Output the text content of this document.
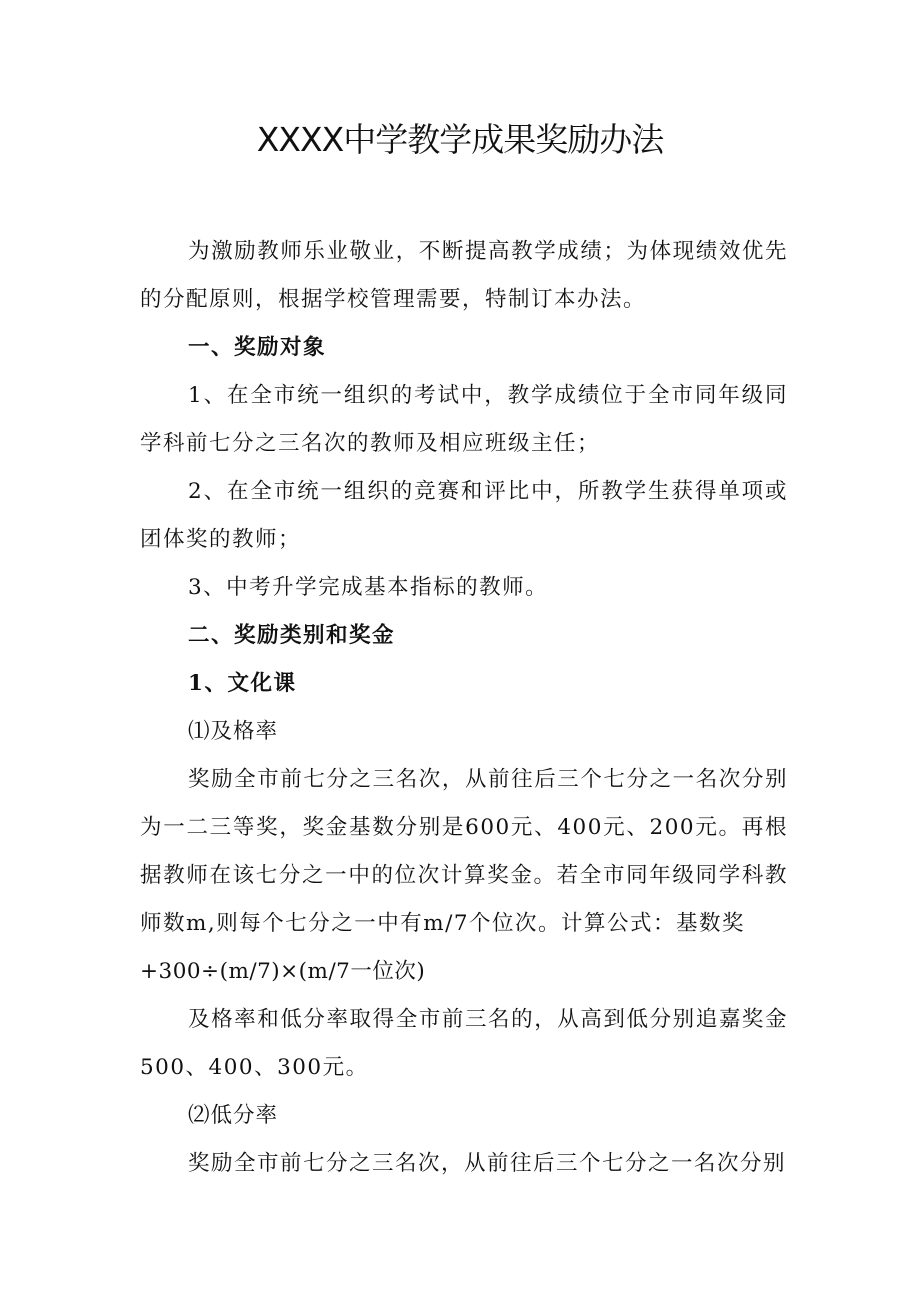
XXXX中学教学成果奖励办法

为激励教师乐业敬业，不断提高教学成绩；为体现绩效优先的分配原则，根据学校管理需要，特制订本办法。

一、奖励对象

1、在全市统一组织的考试中，教学成绩位于全市同年级同学科前七分之三名次的教师及相应班级主任；

2、在全市统一组织的竞赛和评比中，所教学生获得单项或团体奖的教师；

3、中考升学完成基本指标的教师。

二、奖励类别和奖金

1、文化课

⑴及格率

奖励全市前七分之三名次，从前往后三个七分之一名次分别为一二三等奖，奖金基数分别是600元、400元、200元。再根据教师在该七分之一中的位次计算奖金。若全市同年级同学科教师数m,则每个七分之一中有m/7个位次。计算公式：基数奖

+300÷(m/7)×(m/7一位次)

及格率和低分率取得全市前三名的，从高到低分别追嘉奖金500、400、300元。

⑵低分率

奖励全市前七分之三名次，从前往后三个七分之一名次分别
